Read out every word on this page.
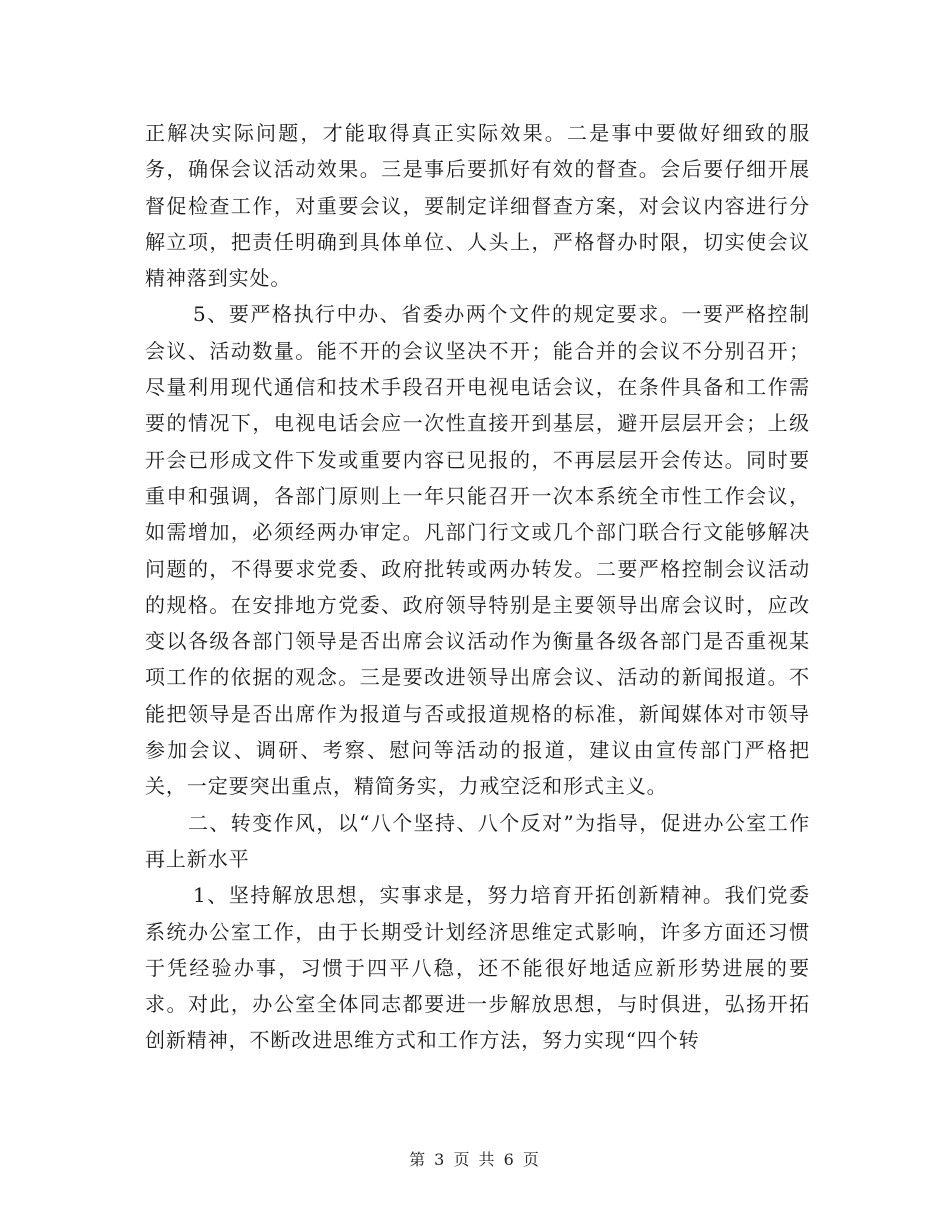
正解决实际问题，才能取得真正实际效果。二是事中要做好细致的服务，确保会议活动效果。三是事后要抓好有效的督查。会后要仔细开展督促检查工作，对重要会议，要制定详细督查方案，对会议内容进行分解立项，把责任明确到具体单位、人头上，严格督办时限，切实使会议精神落到实处。

5、要严格执行中办、省委办两个文件的规定要求。一要严格控制会议、活动数量。能不开的会议坚决不开；能合并的会议不分别召开；尽量利用现代通信和技术手段召开电视电话会议，在条件具备和工作需要的情况下，电视电话会应一次性直接开到基层，避开层层开会；上级开会已形成文件下发或重要内容已见报的，不再层层开会传达。同时要重申和强调，各部门原则上一年只能召开一次本系统全市性工作会议，如需增加，必须经两办审定。凡部门行文或几个部门联合行文能够解决问题的，不得要求党委、政府批转或两办转发。二要严格控制会议活动的规格。在安排地方党委、政府领导特别是主要领导出席会议时，应改变以各级各部门领导是否出席会议活动作为衡量各级各部门是否重视某项工作的依据的观念。三是要改进领导出席会议、活动的新闻报道。不能把领导是否出席作为报道与否或报道规格的标准，新闻媒体对市领导参加会议、调研、考察、慰问等活动的报道，建议由宣传部门严格把关，一定要突出重点，精简务实，力戒空泛和形式主义。

二、转变作风，以“八个坚持、八个反对”为指导，促进办公室工作再上新水平

1、坚持解放思想，实事求是，努力培育开拓创新精神。我们党委系统办公室工作，由于长期受计划经济思维定式影响，许多方面还习惯于凭经验办事，习惯于四平八稳，还不能很好地适应新形势进展的要求。对此，办公室全体同志都要进一步解放思想，与时俱进，弘扬开拓创新精神，不断改进思维方式和工作方法，努力实现“四个转

第 3 页 共 6 页
